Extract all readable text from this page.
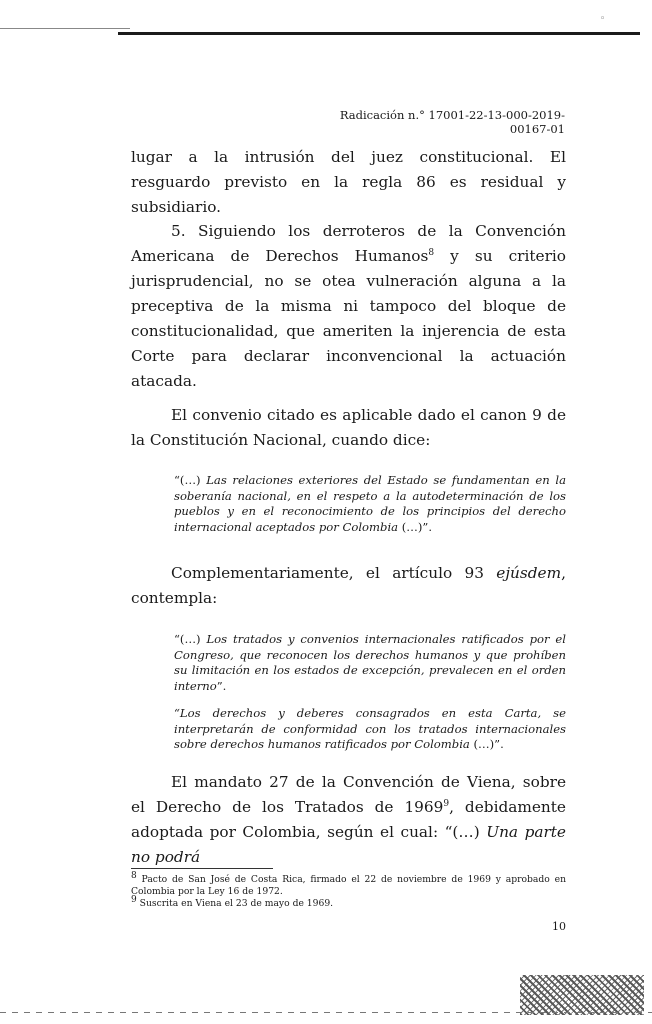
◦
Radicación n.° 17001-22-13-000-2019-00167-01

lugar a la intrusión del juez constitucional. El resguardo previsto en la regla 86 es residual y subsidiario.

5. Siguiendo los derroteros de la Convención Americana de Derechos Humanos$^8$ y su criterio jurisprudencial, no se otea vulneración alguna a la preceptiva de la misma ni tampoco del bloque de constitucionalidad, que ameriten la injerencia de esta Corte para declarar inconvencional la actuación atacada.

El convenio citado es aplicable dado el canon 9 de la Constitución Nacional, cuando dice:

“(…) Las relaciones exteriores del Estado se fundamentan en la soberanía nacional, en el respeto a la autodeterminación de los pueblos y en el reconocimiento de los principios del derecho internacional aceptados por Colombia (…)”.

Complementariamente, el artículo 93 ejúsdem, contempla:

“(…) Los tratados y convenios internacionales ratificados por el Congreso, que reconocen los derechos humanos y que prohíben su limitación en los estados de excepción, prevalecen en el orden interno”.

“Los derechos y deberes consagrados en esta Carta, se interpretarán de conformidad con los tratados internacionales sobre derechos humanos ratificados por Colombia (…)”.

El mandato 27 de la Convención de Viena, sobre el Derecho de los Tratados de 1969$^9$, debidamente adoptada por Colombia, según el cual: “(…) Una parte no podrá

$^8$ Pacto de San José de Costa Rica, firmado el 22 de noviembre de 1969 y aprobado en Colombia por la Ley 16 de 1972.

$^9$ Suscrita en Viena el 23 de mayo de 1969.

10
